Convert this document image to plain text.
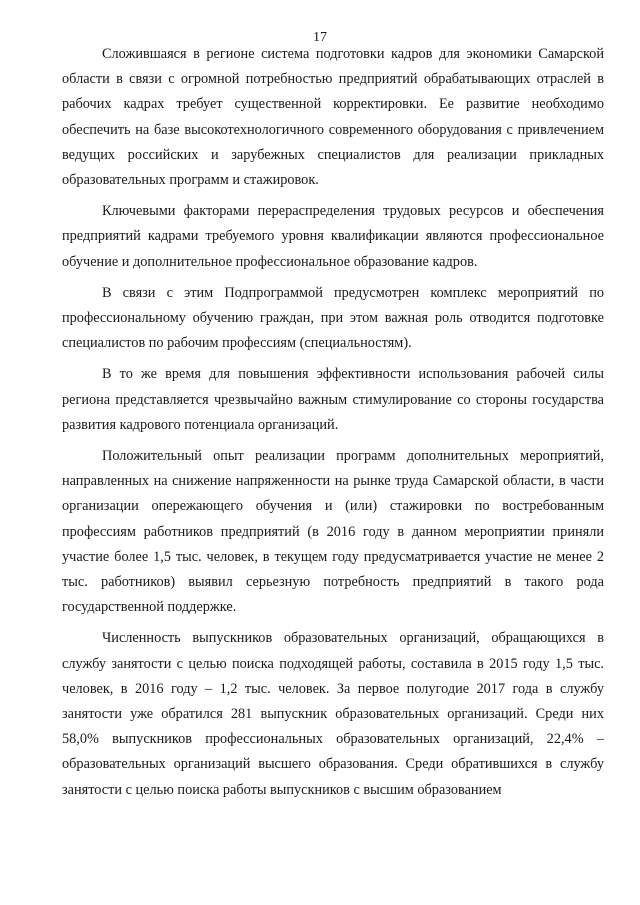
17

Сложившаяся в регионе система подготовки кадров для экономики Самарской области в связи с огромной потребностью предприятий обрабатывающих отраслей в рабочих кадрах требует существенной корректировки. Ее развитие необходимо обеспечить на базе высокотехнологичного современного оборудования с привлечением ведущих российских и зарубежных специалистов для реализации прикладных образовательных программ и стажировок.

Ключевыми факторами перераспределения трудовых ресурсов и обеспечения предприятий кадрами требуемого уровня квалификации являются профессиональное обучение и дополнительное профессиональное образование кадров.

В связи с этим Подпрограммой предусмотрен комплекс мероприятий по профессиональному обучению граждан, при этом важная роль отводится подготовке специалистов по рабочим профессиям (специальностям).

В то же время для повышения эффективности использования рабочей силы региона представляется чрезвычайно важным стимулирование со стороны государства развития кадрового потенциала организаций.

Положительный опыт реализации программ дополнительных мероприятий, направленных на снижение напряженности на рынке труда Самарской области, в части организации опережающего обучения и (или) стажировки по востребованным профессиям работников предприятий (в 2016 году в данном мероприятии приняли участие более 1,5 тыс. человек, в текущем году предусматривается участие не менее 2 тыс. работников) выявил серьезную потребность предприятий в такого рода государственной поддержке.

Численность выпускников образовательных организаций, обращающихся в службу занятости с целью поиска подходящей работы, составила в 2015 году 1,5 тыс. человек, в 2016 году – 1,2 тыс. человек. За первое полугодие 2017 года в службу занятости уже обратился 281 выпускник образовательных организаций. Среди них 58,0% выпускников профессиональных образовательных организаций, 22,4% – образовательных организаций высшего образования. Среди обратившихся в службу занятости с целью поиска работы выпускников с высшим образованием
